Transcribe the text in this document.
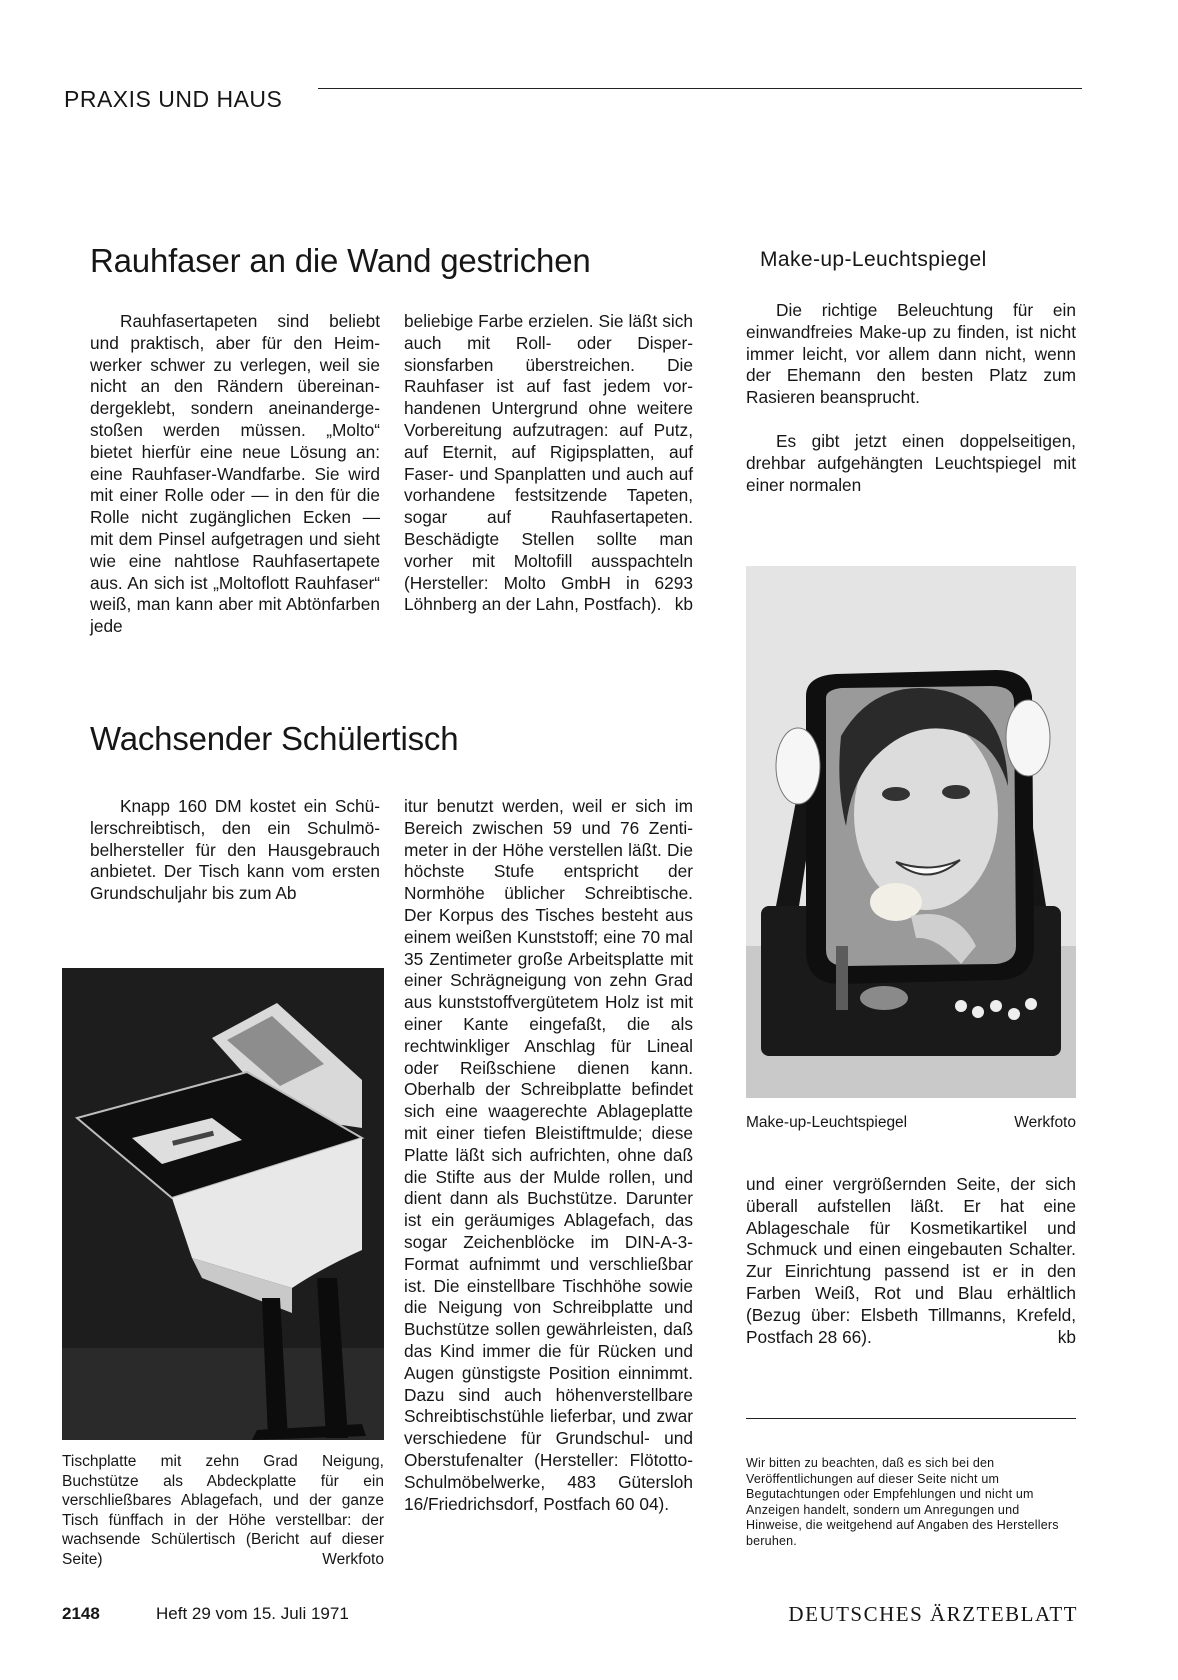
PRAXIS UND HAUS
Rauhfaser an die Wand gestrichen

Rauhfasertapeten sind beliebt und praktisch, aber für den Heimwerker schwer zu verlegen, weil sie nicht an den Rändern übereinandergeklebt, sondern aneinandergestoßen werden müssen. „Molto“ bietet hierfür eine neue Lösung an: eine Rauhfaser-Wandfarbe. Sie wird mit einer Rolle oder — in den für die Rolle nicht zugänglichen Ecken — mit dem Pinsel aufgetragen und sieht wie eine nahtlose Rauhfasertapete aus. An sich ist „Moltoflott Rauhfaser“ weiß, man kann aber mit Abtönfarben jede

beliebige Farbe erzielen. Sie läßt sich auch mit Roll- oder Dispersionsfarben überstreichen. Die Rauhfaser ist auf fast jedem vorhandenen Untergrund ohne weitere Vorbereitung aufzutragen: auf Putz, auf Eternit, auf Rigipsplatten, auf Faser- und Spanplatten und auch auf vorhandene festsitzende Tapeten, sogar auf Rauhfasertapeten. Beschädigte Stellen sollte man vorher mit Moltofill ausspachteln (Hersteller: Molto GmbH in 6293 Löhnberg an der Lahn, Postfach). kb

Make-up-Leuchtspiegel

Die richtige Beleuchtung für ein einwandfreies Make-up zu finden, ist nicht immer leicht, vor allem dann nicht, wenn der Ehemann den besten Platz zum Rasieren beansprucht.

Es gibt jetzt einen doppelseitigen, drehbar aufgehängten Leuchtspiegel mit einer normalen

Make-up-Leuchtspiegel	Werkfoto

und einer vergrößernden Seite, der sich überall aufstellen läßt. Er hat eine Ablageschale für Kosmetikartikel und Schmuck und einen eingebauten Schalter. Zur Einrichtung passend ist er in den Farben Weiß, Rot und Blau erhältlich (Bezug über: Elsbeth Tillmanns, Krefeld, Postfach 28 66).	kb

Wir bitten zu beachten, daß es sich bei den Veröffentlichungen auf dieser Seite nicht um Begutachtungen oder Empfehlungen und nicht um Anzeigen handelt, sondern um Anregungen und Hinweise, die weitgehend auf Angaben des Herstellers beruhen.
Wachsender Schülertisch

Knapp 160 DM kostet ein Schülerschreibtisch, den ein Schulmöbelhersteller für den Hausgebrauch anbietet. Der Tisch kann vom ersten Grundschuljahr bis zum Ab

Tischplatte mit zehn Grad Neigung, Buchstütze als Abdeckplatte für ein verschließbares Ablagefach, und der ganze Tisch fünffach in der Höhe verstellbar: der wachsende Schülertisch (Bericht auf dieser Seite)	Werkfoto

itur benutzt werden, weil er sich im Bereich zwischen 59 und 76 Zentimeter in der Höhe verstellen läßt. Die höchste Stufe entspricht der Normhöhe üblicher Schreibtische. Der Korpus des Tisches besteht aus einem weißen Kunststoff; eine 70 mal 35 Zentimeter große Arbeitsplatte mit einer Schrägneigung von zehn Grad aus kunststoffvergütetem Holz ist mit einer Kante eingefaßt, die als rechtwinkliger Anschlag für Lineal oder Reißschiene dienen kann. Oberhalb der Schreibplatte befindet sich eine waagerechte Ablageplatte mit einer tiefen Bleistiftmulde; diese Platte läßt sich aufrichten, ohne daß die Stifte aus der Mulde rollen, und dient dann als Buchstütze. Darunter ist ein geräumiges Ablagefach, das sogar Zeichenblöcke im DIN-A-3-Format aufnimmt und verschließbar ist. Die einstellbare Tischhöhe sowie die Neigung von Schreibplatte und Buchstütze sollen gewährleisten, daß das Kind immer die für Rücken und Augen günstigste Position einnimmt. Dazu sind auch höhenverstellbare Schreibtischstühle lieferbar, und zwar verschiedene für Grundschul- und Oberstufenalter (Hersteller: Flötotto-Schulmöbelwerke, 483 Gütersloh 16/Friedrichsdorf, Postfach 60 04).

2148	Heft 29 vom 15. Juli 1971	DEUTSCHES ÄRZTEBLATT
